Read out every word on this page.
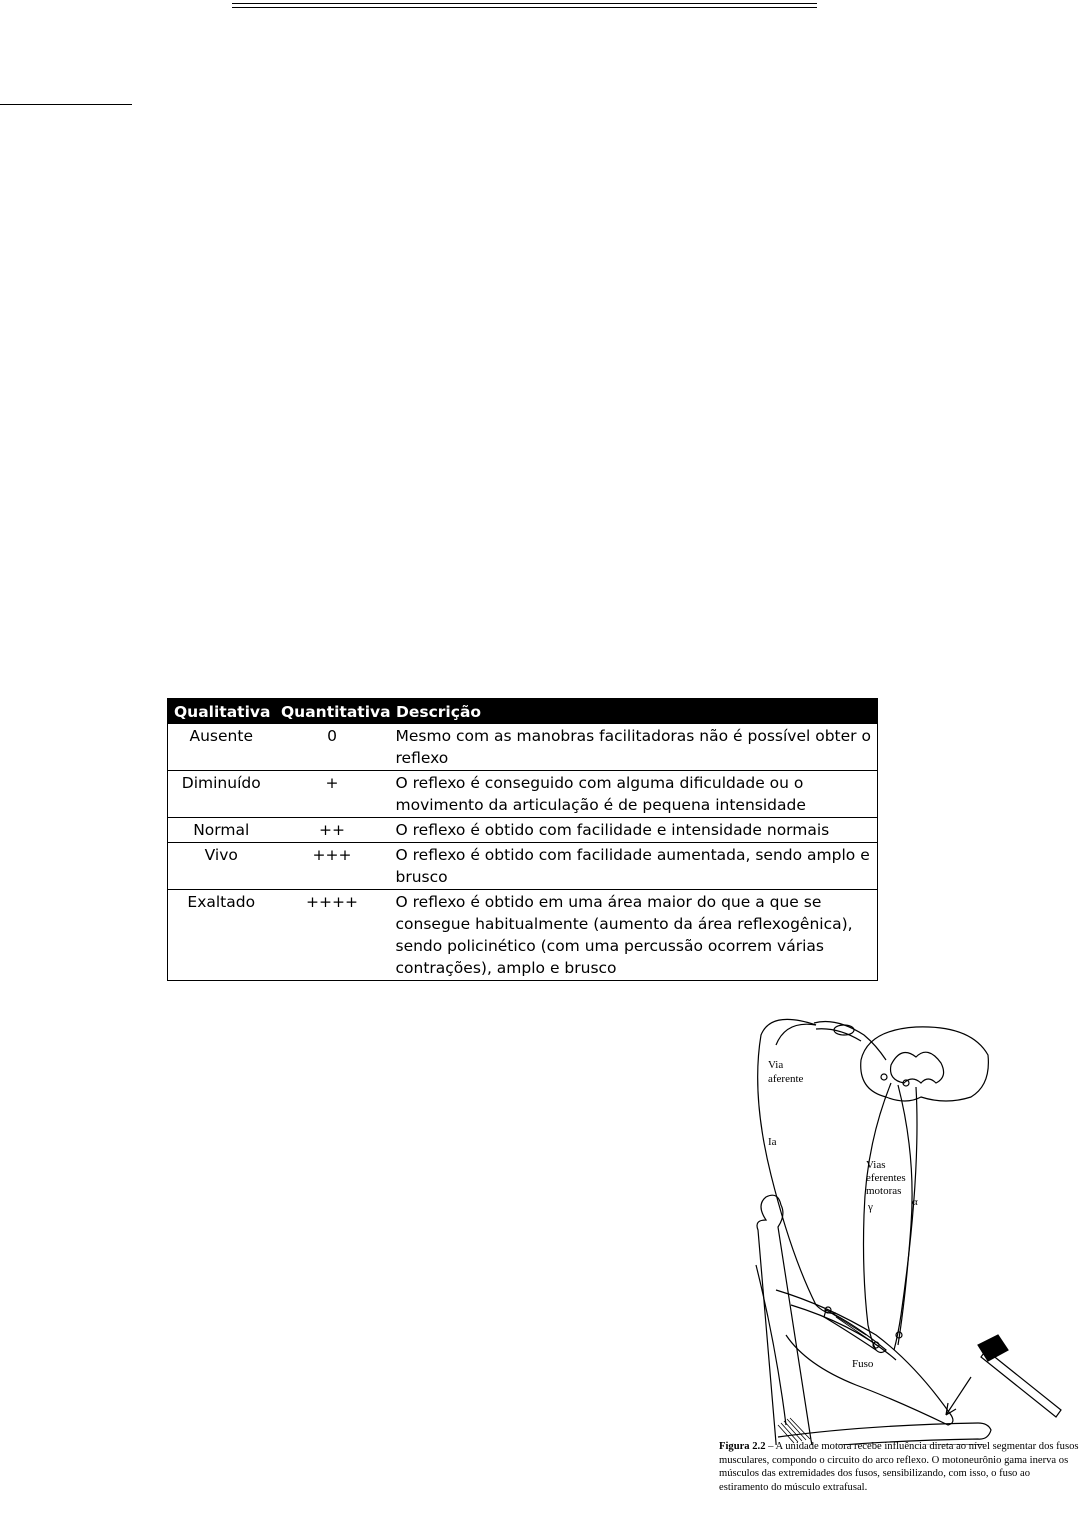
Qualitativa	Quantitativa	Descrição
Ausente	0	Mesmo com as manobras facilitadoras não é possível obter o reflexo
Diminuído	+	O reflexo é conseguido com alguma dificuldade ou o movimento da articulação é de pequena intensidade
Normal	++	O reflexo é obtido com facilidade e intensidade normais
Vivo	+++	O reflexo é obtido com facilidade aumentada, sendo amplo e brusco
Exaltado	++++	O reflexo é obtido em uma área maior do que a que se consegue habitualmente (aumento da área reflexogênica), sendo policinético (com uma percussão ocorrem várias contrações), amplo e brusco
Via
aferente
Ia
Vias
eferentes
motoras
γ	α
Fuso
Figura 2.2 – A unidade motora recebe influência direta ao nível segmentar dos fusos musculares, compondo o circuito do arco reflexo. O motoneurônio gama inerva os músculos das extremidades dos fusos, sensibilizando, com isso, o fuso ao estiramento do músculo extrafusal.
